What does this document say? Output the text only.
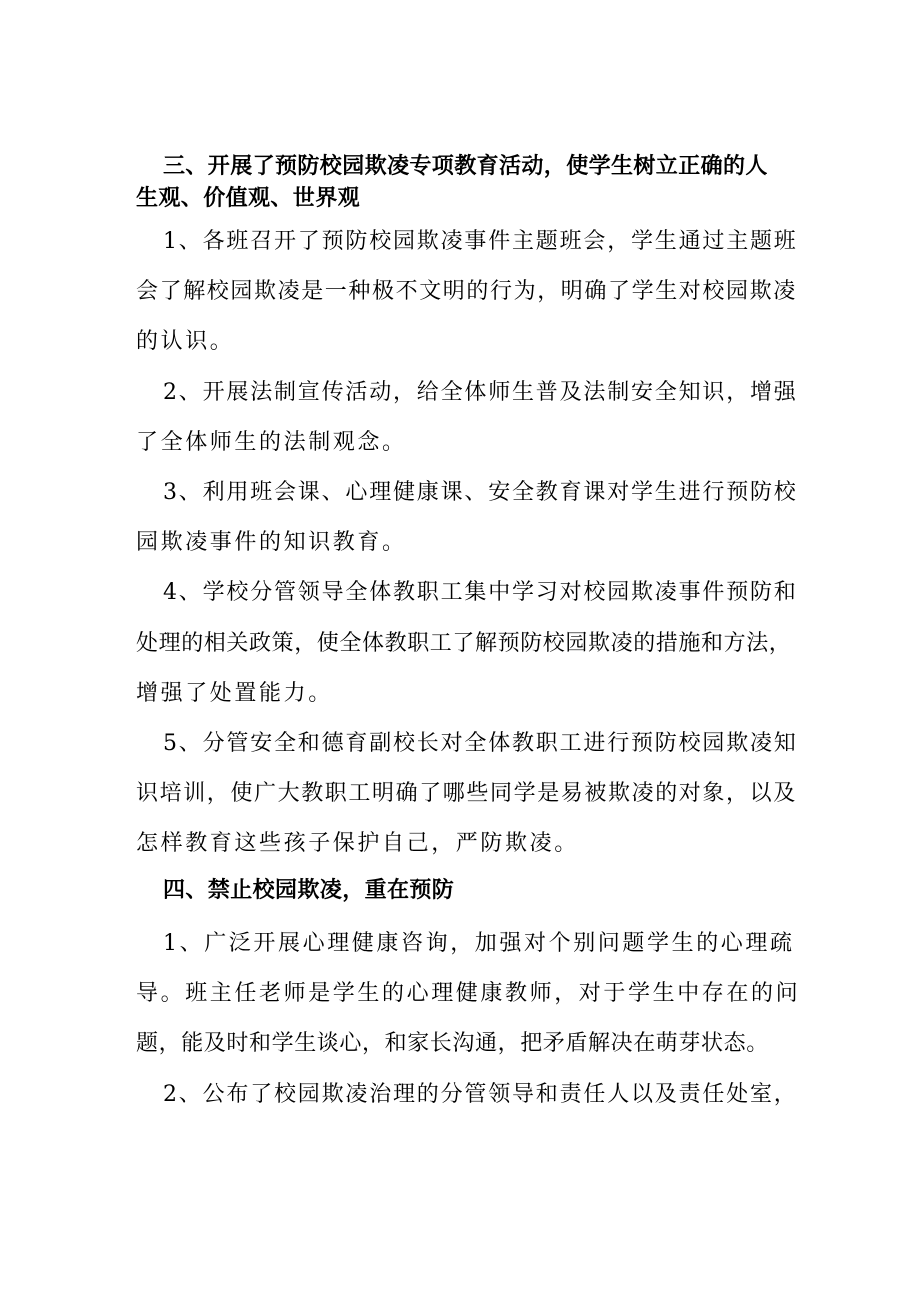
三、开展了预防校园欺凌专项教育活动，使学生树立正确的人
生观、价值观、世界观
1、各班召开了预防校园欺凌事件主题班会，学生通过主题班
会了解校园欺凌是一种极不文明的行为，明确了学生对校园欺凌
的认识。
2、开展法制宣传活动，给全体师生普及法制安全知识，增强
了全体师生的法制观念。
3、利用班会课、心理健康课、安全教育课对学生进行预防校
园欺凌事件的知识教育。
4、学校分管领导全体教职工集中学习对校园欺凌事件预防和
处理的相关政策，使全体教职工了解预防校园欺凌的措施和方法，
增强了处置能力。
5、分管安全和德育副校长对全体教职工进行预防校园欺凌知
识培训，使广大教职工明确了哪些同学是易被欺凌的对象，以及
怎样教育这些孩子保护自己，严防欺凌。
四、禁止校园欺凌，重在预防
1、广泛开展心理健康咨询，加强对个别问题学生的心理疏
导。班主任老师是学生的心理健康教师，对于学生中存在的问
题，能及时和学生谈心，和家长沟通，把矛盾解决在萌芽状态。
2、公布了校园欺凌治理的分管领导和责任人以及责任处室，
